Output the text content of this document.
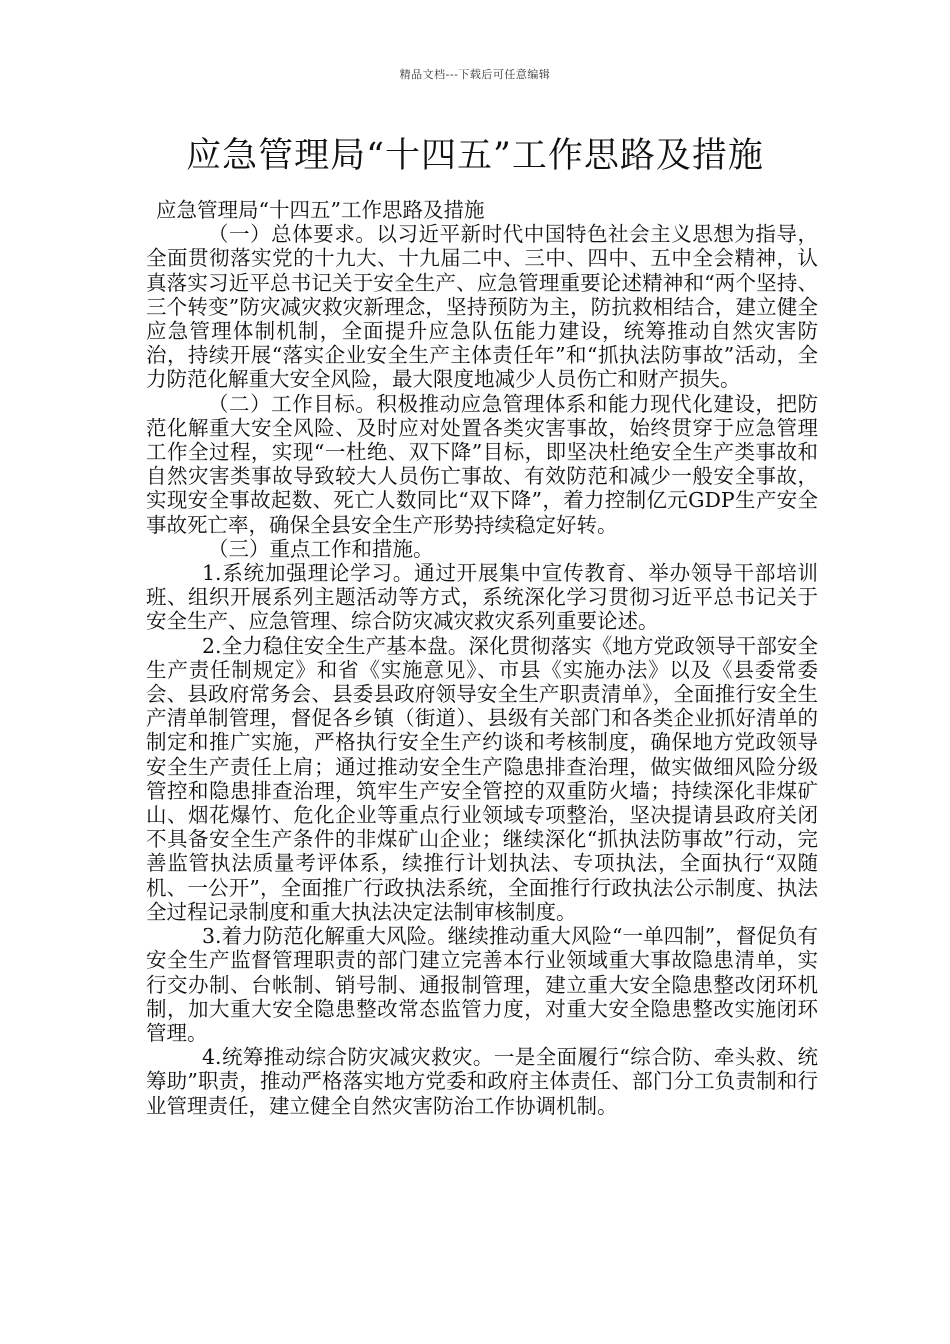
精品文档---下载后可任意编辑
应急管理局“十四五”工作思路及措施

应急管理局“十四五”工作思路及措施

（一）总体要求。以习近平新时代中国特色社会主义思想为指导，全面贯彻落实党的十九大、十九届二中、三中、四中、五中全会精神，认真落实习近平总书记关于安全生产、应急管理重要论述精神和“两个坚持、三个转变”防灾减灾救灾新理念，坚持预防为主，防抗救相结合，建立健全应急管理体制机制，全面提升应急队伍能力建设，统筹推动自然灾害防治，持续开展“落实企业安全生产主体责任年”和“抓执法防事故”活动，全力防范化解重大安全风险，最大限度地减少人员伤亡和财产损失。

（二）工作目标。积极推动应急管理体系和能力现代化建设，把防范化解重大安全风险、及时应对处置各类灾害事故，始终贯穿于应急管理工作全过程，实现“一杜绝、双下降”目标，即坚决杜绝安全生产类事故和自然灾害类事故导致较大人员伤亡事故、有效防范和减少一般安全事故，实现安全事故起数、死亡人数同比“双下降”，着力控制亿元GDP生产安全事故死亡率，确保全县安全生产形势持续稳定好转。

（三）重点工作和措施。

1.系统加强理论学习。通过开展集中宣传教育、举办领导干部培训班、组织开展系列主题活动等方式，系统深化学习贯彻习近平总书记关于安全生产、应急管理、综合防灾减灾救灾系列重要论述。

2.全力稳住安全生产基本盘。深化贯彻落实《地方党政领导干部安全生产责任制规定》和省《实施意见》、市县《实施办法》以及《县委常委会、县政府常务会、县委县政府领导安全生产职责清单》，全面推行安全生产清单制管理，督促各乡镇（街道）、县级有关部门和各类企业抓好清单的制定和推广实施，严格执行安全生产约谈和考核制度，确保地方党政领导安全生产责任上肩；通过推动安全生产隐患排查治理，做实做细风险分级管控和隐患排查治理，筑牢生产安全管控的双重防火墙；持续深化非煤矿山、烟花爆竹、危化企业等重点行业领域专项整治，坚决提请县政府关闭不具备安全生产条件的非煤矿山企业；继续深化“抓执法防事故”行动，完善监管执法质量考评体系，续推行计划执法、专项执法，全面执行“双随机、一公开”，全面推广行政执法系统，全面推行行政执法公示制度、执法全过程记录制度和重大执法决定法制审核制度。

3.着力防范化解重大风险。继续推动重大风险“一单四制”，督促负有安全生产监督管理职责的部门建立完善本行业领域重大事故隐患清单，实行交办制、台帐制、销号制、通报制管理，建立重大安全隐患整改闭环机制，加大重大安全隐患整改常态监管力度，对重大安全隐患整改实施闭环管理。

4.统筹推动综合防灾减灾救灾。一是全面履行“综合防、牵头救、统筹助”职责，推动严格落实地方党委和政府主体责任、部门分工负责制和行业管理责任，建立健全自然灾害防治工作协调机制。
